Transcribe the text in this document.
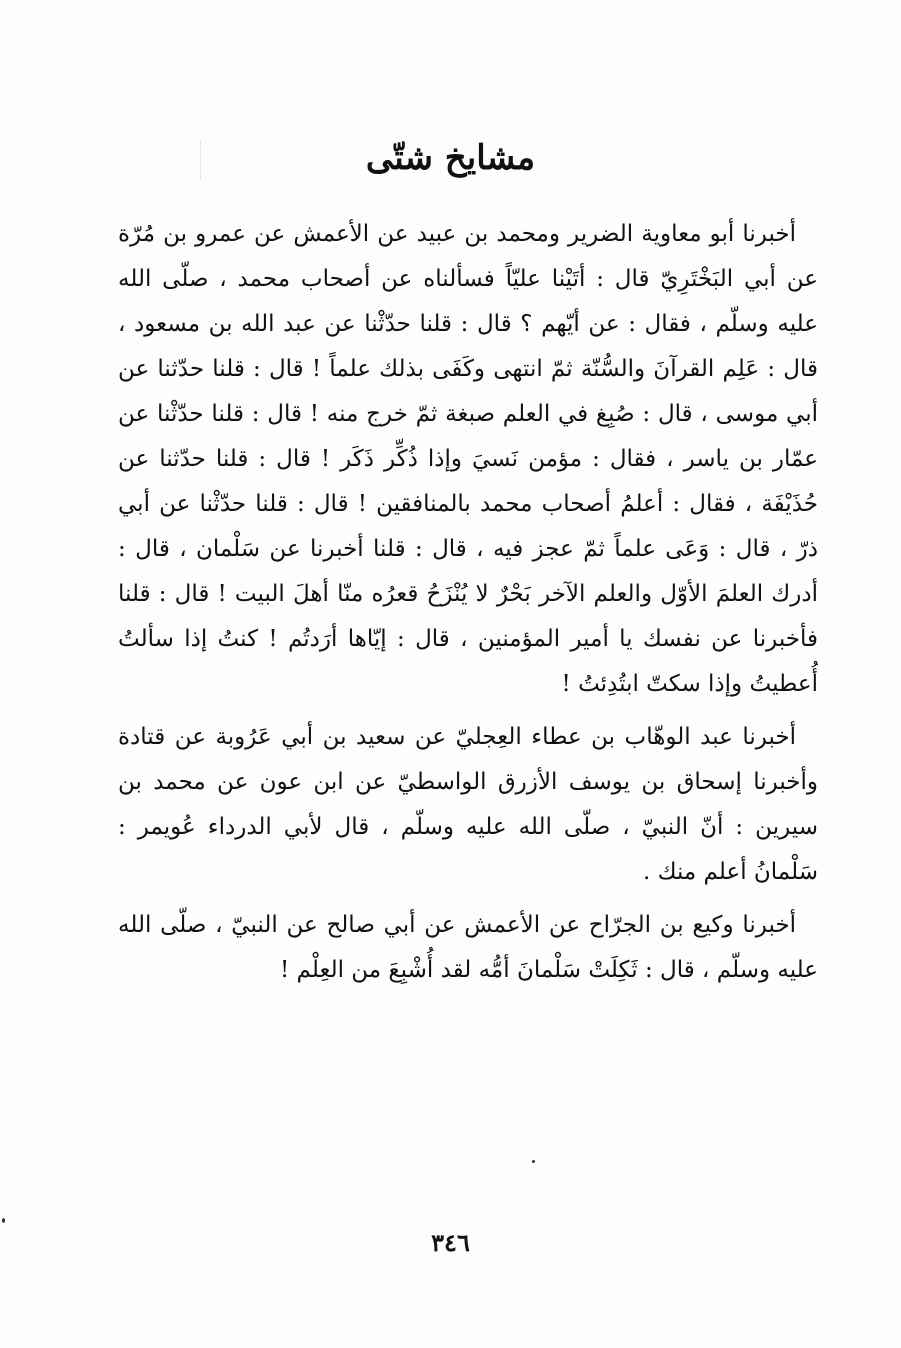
مشايخ شتّى

أخبرنا أبو معاوية الضرير ومحمد بن عبيد عن الأعمش عن عمرو بن مُرّة عن أبي البَخْتَرِيّ قال : أتَيْنا عليّاً فسألناه عن أصحاب محمد ، صلّى الله عليه وسلّم ، فقال : عن أيّهم ؟ قال : قلنا حدّثْنا عن عبد الله بن مسعود ، قال : عَلِم القرآنَ والسُّنّة ثمّ انتهى وكَفَى بذلك علماً ! قال : قلنا حدّثنا عن أبي موسى ، قال : صُبِغ في العلم صبغة ثمّ خرج منه ! قال : قلنا حدّثْنا عن عمّار بن ياسر ، فقال : مؤمن نَسيَ وإذا ذُكِّر ذَكَر ! قال : قلنا حدّثنا عن حُذَيْفَة ، فقال : أعلمُ أصحاب محمد بالمنافقين ! قال : قلنا حدّثْنا عن أبي ذرّ ، قال : وَعَى علماً ثمّ عجز فيه ، قال : قلنا أخبرنا عن سَلْمان ، قال : أدرك العلمَ الأوّل والعلم الآخر بَحْرٌ لا يُنْزَحُ قعرُه منّا أهلَ البيت ! قال : قلنا فأخبرنا عن نفسك يا أمير المؤمنين ، قال : إيّاها أرَدتُم ! كنتُ إذا سألتُ أُعطيتُ وإذا سكتّ ابتُدِئتُ !

أخبرنا عبد الوهّاب بن عطاء العِجليّ عن سعيد بن أبي عَرُوبة عن قتادة وأخبرنا إسحاق بن يوسف الأزرق الواسطيّ عن ابن عون عن محمد بن سيرين : أنّ النبيّ ، صلّى الله عليه وسلّم ، قال لأبي الدرداء عُويمر : سَلْمانُ أعلم منك .

أخبرنا وكيع بن الجرّاح عن الأعمش عن أبي صالح عن النبيّ ، صلّى الله عليه وسلّم ، قال : ثَكِلَتْ سَلْمانَ أمُّه لقد أُشْبِعَ من العِلْم !

٣٤٦
